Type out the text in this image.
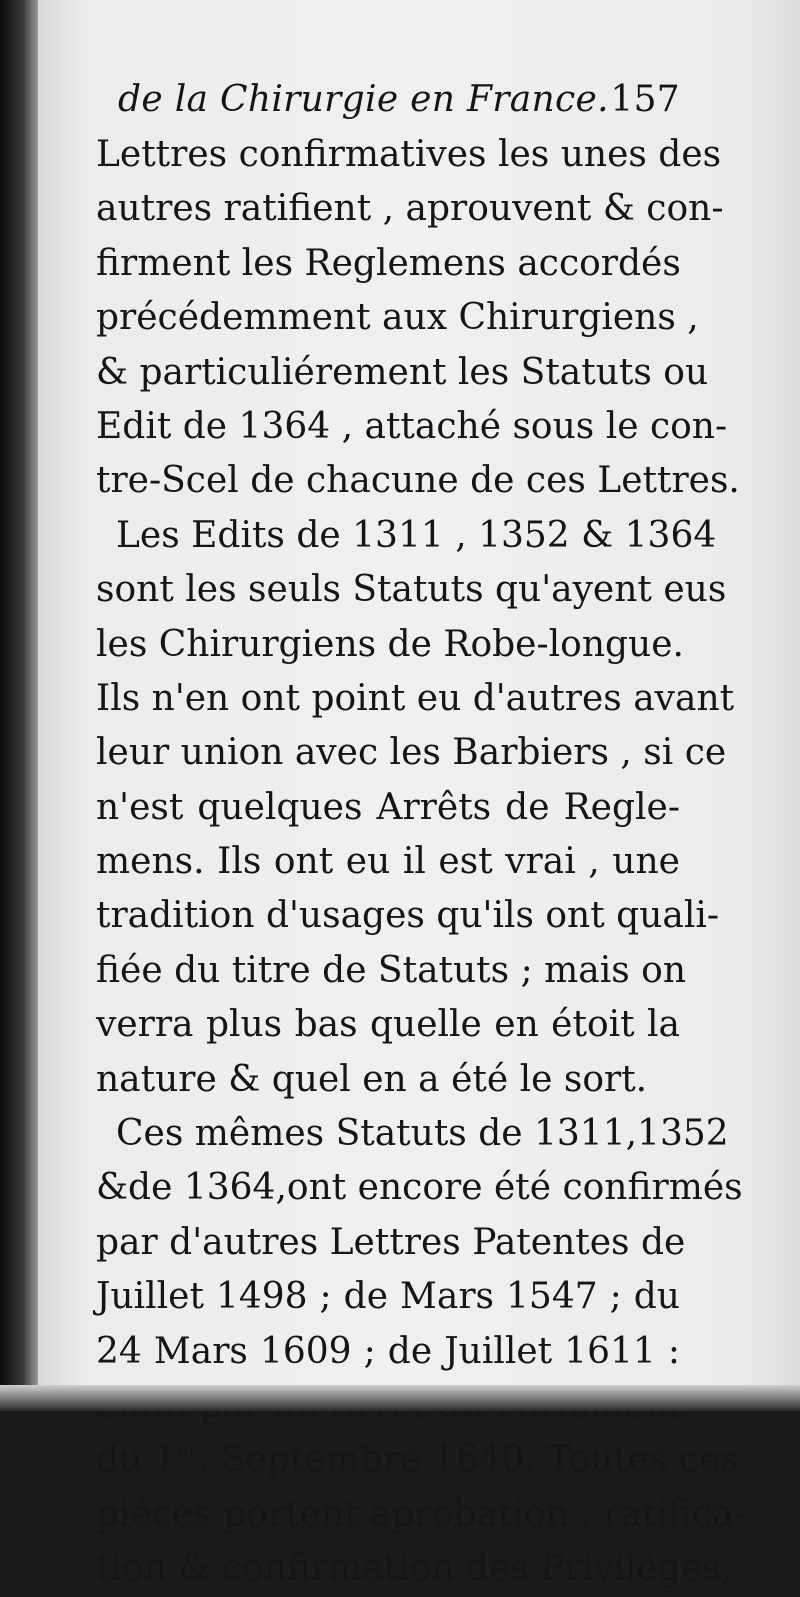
de la Chirurgie en France. 157
Lettres confirmatives les unes des
autres ratifient , aprouvent & con-
firment les Reglemens accordés
précédemment aux Chirurgiens ,
& particuliérement les Statuts ou
Edit de 1364 , attaché sous le con-
tre-Scel de chacune de ces Lettres.
Les Edits de 1311 , 1352 & 1364
sont les seuls Statuts qu'ayent eus
les Chirurgiens de Robe-longue.
Ils n'en ont point eu d'autres avant
leur union avec les Barbiers , si ce
n'est quelques Arrêts de Regle-
mens. Ils ont eu il est vrai , une
tradition d'usages qu'ils ont quali-
fiée du titre de Statuts ; mais on
verra plus bas quelle en étoit la
nature & quel en a été le sort.
Ces mêmes Statuts de 1311,1352
&de 1364,ont encore été confirmés
par d'autres Lettres Patentes de
Juillet 1498 ; de Mars 1547 ; du
24 Mars 1609 ; de Juillet 1611 :
du 1er. Septembre 1640. Toutes ces
piéces portent aprobation , ratifica-
tion & confirmation des Priviléges,
